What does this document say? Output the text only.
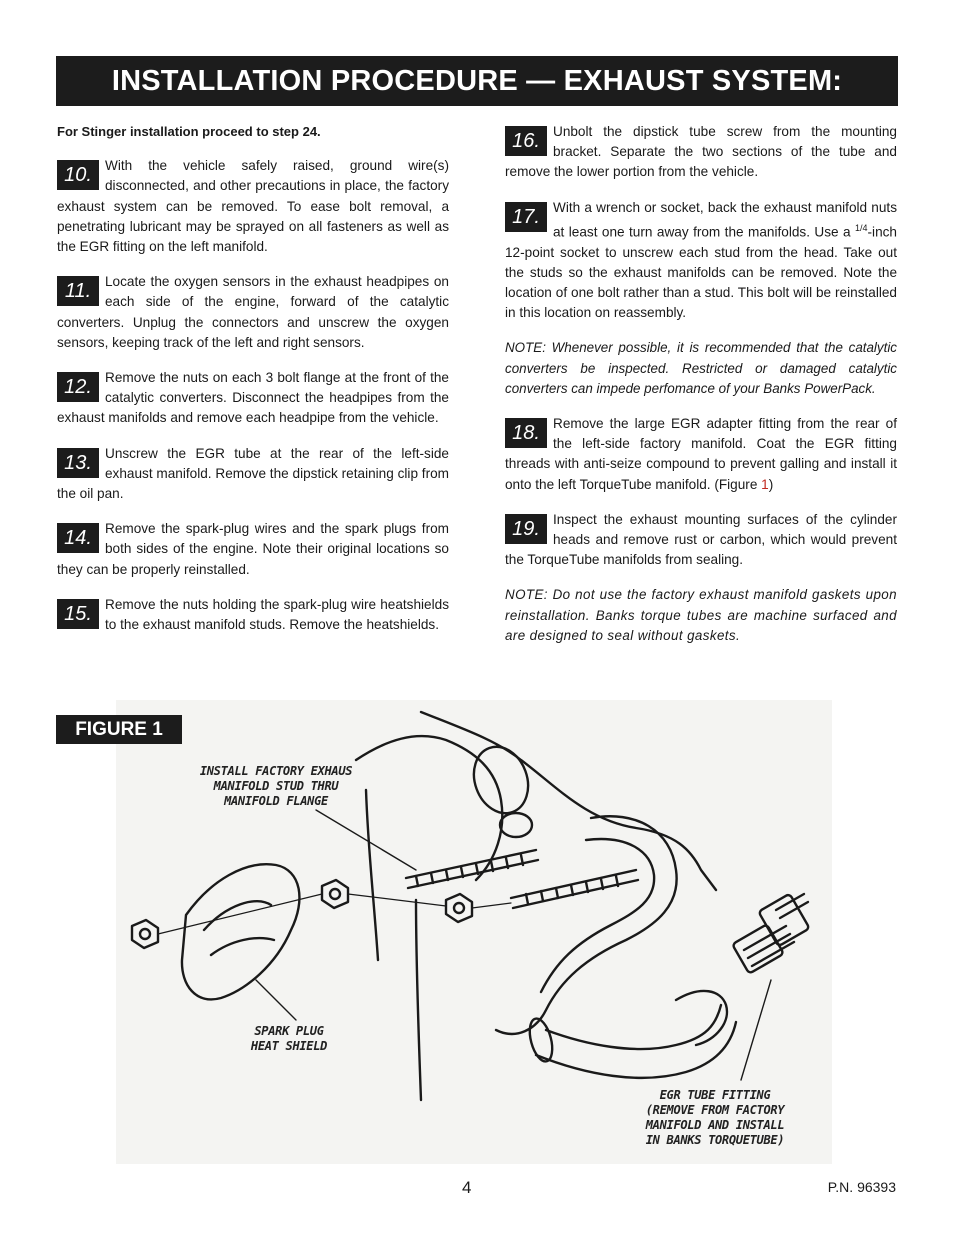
INSTALLATION PROCEDURE — EXHAUST SYSTEM:

For Stinger installation proceed to step 24.

10. With the vehicle safely raised, ground wire(s) disconnected, and other precautions in place, the factory exhaust system can be removed. To ease bolt removal, a penetrating lubricant may be sprayed on all fasteners as well as the EGR fitting on the left manifold.
11.	Locate the oxygen sensors in the exhaust headpipes on each side of the engine, forward of the catalytic converters. Unplug the connectors and unscrew the oxygen sensors, keeping track of the left and right sensors.
12. Remove the nuts on each 3 bolt flange at the front of the catalytic converters. Disconnect the headpipes from the exhaust manifolds and remove each headpipe from the vehicle.
13. Unscrew the EGR tube at the rear of the left-side exhaust manifold. Remove the dipstick retaining clip from the oil pan.
14. Remove the spark-plug wires and the spark plugs from both sides of the engine. Note their original locations so they can be properly reinstalled.
15. Remove the nuts holding the spark-plug wire heatshields to the exhaust manifold studs. Remove the heatshields.
16. Unbolt the dipstick tube screw from the mounting bracket. Separate the two sections of the tube and remove the lower portion from the vehicle.
17. With a wrench or socket, back the exhaust manifold nuts at least one turn away from the manifolds. Use a $^{1/4}$-inch 12-point socket to unscrew each stud from the head. Take out the studs so the exhaust manifolds can be removed. Note the location of one bolt rather than a stud. This bolt will be reinstalled in this location on reassembly.

NOTE: Whenever possible, it is recommended that the catalytic converters be inspected. Restricted or damaged catalytic converters can impede perfomance of your Banks PowerPack.

18. Remove the large EGR adapter fitting from the rear of the left-side factory manifold. Coat the EGR fitting threads with anti-seize compound to prevent galling and install it onto the left TorqueTube manifold. (Figure 1)
19. Inspect the exhaust mounting surfaces of the cylinder heads and remove rust or carbon, which would prevent the TorqueTube manifolds from sealing.

NOTE: Do not use the factory exhaust manifold gaskets upon reinstallation. Banks torque tubes are machine surfaced and are designed to seal without gaskets.

FIGURE 1
INSTALL FACTORY EXHAUS
MANIFOLD STUD THRU
MANIFOLD FLANGE
SPARK PLUG
HEAT SHIELD
EGR TUBE FITTING
(REMOVE FROM FACTORY
MANIFOLD AND INSTALL
IN BANKS TORQUETUBE)
4	P.N. 96393
